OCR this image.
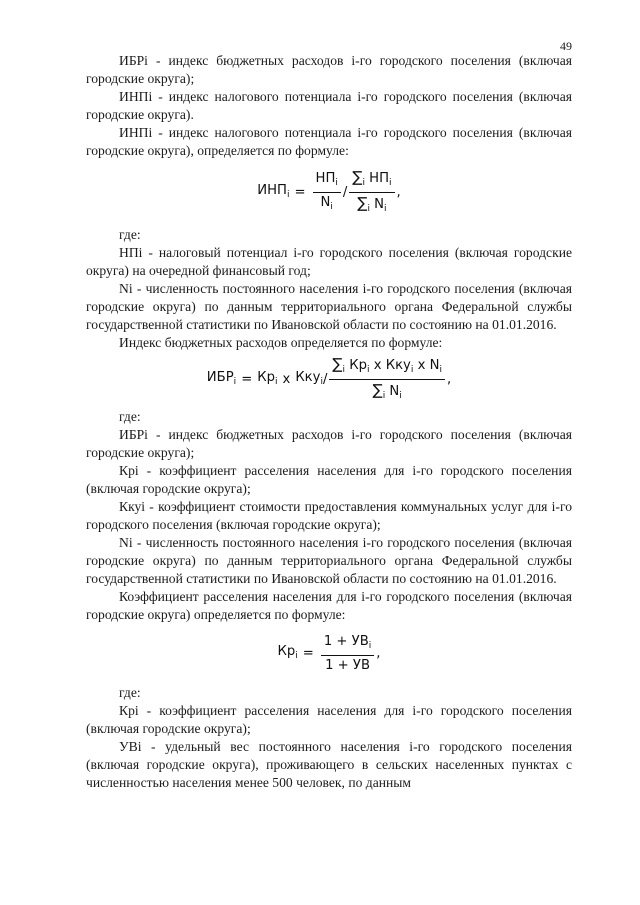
49

ИБРi - индекс бюджетных расходов i-го городского поселения (включая городские округа);

ИНПi - индекс налогового потенциала i-го городского поселения (включая городские округа).

ИНПi - индекс налогового потенциала i-го городского поселения (включая городские округа), определяется по формуле:

$ИНП_i = \frac{НП_i}{N_i} / \frac{\sum_i НП_i}{\sum_i N_i}$ ,

где:

НПi - налоговый потенциал i-го городского поселения (включая городские округа) на очередной финансовый год;

Ni - численность постоянного населения i-го городского поселения (включая городские округа) по данным территориального органа Федеральной службы государственной статистики по Ивановской области по состоянию на 01.01.2016.

Индекс бюджетных расходов определяется по формуле:

$ИБР_i = Кр_i$ х $Кку_i / \frac{\sum_i Кр_i х Кку_i х N_i}{\sum_i N_i}$ ,

где:

ИБРi - индекс бюджетных расходов i-го городского поселения (включая городские округа);

Крi - коэффициент расселения населения для i-го городского поселения (включая городские округа);

Ккуi - коэффициент стоимости предоставления коммунальных услуг для i-го городского поселения (включая городские округа);

Ni - численность постоянного населения i-го городского поселения (включая городские округа) по данным территориального органа Федеральной службы государственной статистики по Ивановской области по состоянию на 01.01.2016.

Коэффициент расселения населения для i-го городского поселения (включая городские округа) определяется по формуле:

$Кр_i = \frac{1 + УВ_i}{1 + УВ}$ ,

где:

Крi - коэффициент расселения населения для i-го городского поселения (включая городские округа);

УВi - удельный вес постоянного населения i-го городского поселения (включая городские округа), проживающего в сельских населенных пунктах с численностью населения менее 500 человек, по данным
